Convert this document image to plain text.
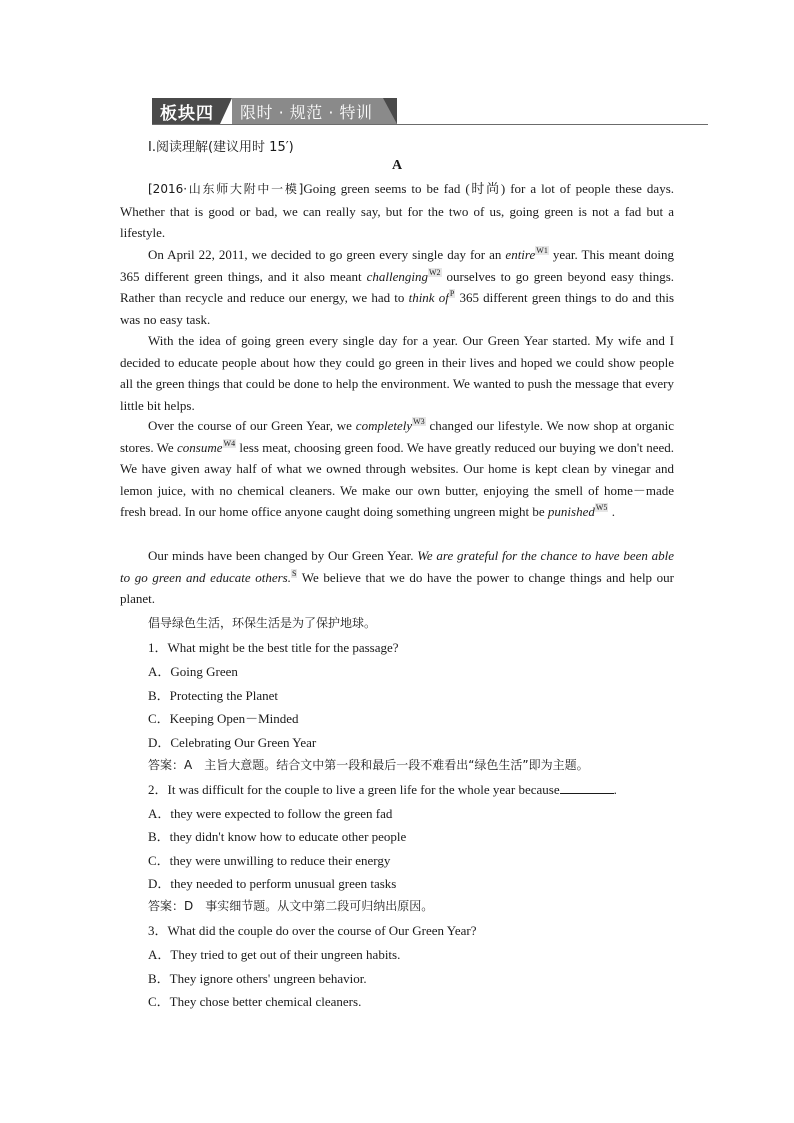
板块四	限时 · 规范 · 特训
Ⅰ.阅读理解(建议用时 15′)
A
[2016·山东师大附中一模]Going green seems to be fad (时尚) for a lot of people these days. Whether that is good or bad, we can really say, but for the two of us, going green is not a fad but a lifestyle.
On April 22, 2011, we decided to go green every single day for an entire$^{W1}$ year. This meant doing 365 different green things, and it also meant challenging$^{W2}$ ourselves to go green beyond easy things. Rather than recycle and reduce our energy, we had to think $of^P$ 365 different green things to do and this was no easy task.
With the idea of going green every single day for a year. Our Green Year started. My wife and I decided to educate people about how they could go green in their lives and hoped we could show people all the green things that could be done to help the environment. We wanted to push the message that every little bit helps.
Over the course of our Green Year, we completely$^{W3}$ changed our lifestyle. We now shop at organic stores. We consume$^{W4}$ less meat, choosing green food. We have greatly reduced our buying we don't need. We have given away half of what we owned through websites. Our home is kept clean by vinegar and lemon juice, with no chemical cleaners. We make our own butter, enjoying the smell of home－made fresh bread. In our home office anyone caught doing something ungreen might be punished$^{W5}$ .
Our minds have been changed by Our Green Year. We are grateful for the chance to have been able to go green and educate others.$^S$ We believe that we do have the power to change things and help our planet.
倡导绿色生活，环保生活是为了保护地球。
1．What might be the best title for the passage?
A．Going Green
B．Protecting the Planet
C．Keeping Open－Minded
D．Celebrating Our Green Year
答案：A　主旨大意题。结合文中第一段和最后一段不难看出“绿色生活”即为主题。
2．It was difficult for the couple to live a green life for the whole year because	.
A．they were expected to follow the green fad
B．they didn't know how to educate other people
C．they were unwilling to reduce their energy
D．they needed to perform unusual green tasks
答案：D　事实细节题。从文中第二段可归纳出原因。
3．What did the couple do over the course of Our Green Year?
A．They tried to get out of their ungreen habits.
B．They ignore others' ungreen behavior.
C．They chose better chemical cleaners.
